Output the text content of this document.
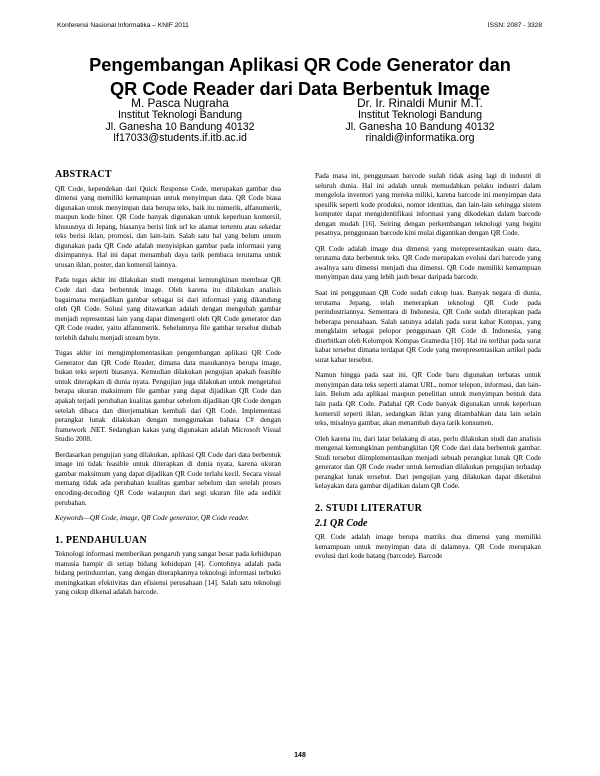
Konferensi Nasional Informatika – KNIF 2011	ISSN: 2087 - 3328
Pengembangan Aplikasi QR Code Generator dan
QR Code Reader dari Data Berbentuk Image
M. Pasca Nugraha
Institut Teknologi Bandung
Jl. Ganesha 10 Bandung 40132
If17033@students.if.itb.ac.id
Dr. Ir. Rinaldi Munir M.T.
Institut Teknologi Bandung
Jl. Ganesha 10 Bandung 40132
rinaldi@informatika.org
ABSTRACT

QR Code, kependekan dari Quick Response Code, merupakan gambar dua dimensi yang memiliki kemampuan untuk menyimpan data. QR Code biasa digunakan untuk menyimpan data berupa teks, baik itu numerik, alfanumerik, maupun kode biner. QR Code banyak digunakan untuk keperluan komersil, khususnya di Jepang, biasanya berisi link url ke alamat tertentu atau sekedar teks berisi iklan, promosi, dan lain-lain. Salah satu hal yang belum umum digunakan pada QR Code adalah menyisipkan gambar pada informasi yang disimpannya. Hal ini dapat menambah daya tarik pembaca terutama untuk urusan iklan, poster, dan komersil lainnya.

Pada tugas akhir ini dilakukan studi mengenai kemungkinan membuat QR Code dari data berbentuk image. Oleh karena itu dilakukan analisis bagaimana menjadikan gambar sebagai isi dari informasi yang dikandung oleh QR Code. Solusi yang ditawarkan adalah dengan mengubah gambar menjadi representasi lain yang dapat dimengerti oleh QR Code generator dan QR Code reader, yaitu alfanumerik. Sebelumnya file gambar tersebut diubah terlebih dahulu menjadi stream byte.

Tugas akhir ini mengimplementasikan pengembangan aplikasi QR Code Generator dan QR Code Reader, dimana data masukannya berupa image, bukan teks seperti biasanya. Kemudian dilakukan pengujian apakah feasible untuk diterapkan di dunia nyata. Pengujian juga dilakukan untuk mengetahui berapa ukuran maksimum file gambar yang dapat dijadikan QR Code dan apakah terjadi perubahan kualitas gambar sebelum dijadikan QR Code dengan setelah dibaca dan diterjemahkan kembali dari QR Code. Implementasi perangkat lunak dilakukan dengan menggunakan bahasa C# dengan framework .NET. Sedangkan kakas yang digunakan adalah Microsoft Visual Studio 2008.

Berdasarkan pengujian yang dilakukan, aplikasi QR Code dari data berbentuk image ini tidak feasible untuk diterapkan di dunia nyata, karena ukuran gambar maksimum yang dapat dijadikan QR Code terlalu kecil. Secara visual memang tidak ada perubahan kualitas gambar sebelum dan setelah proses encoding-decoding QR Code walaupun dari segi ukuran file ada sedikit perubahan.

Keywords—QR Code, image, QR Code generator, QR Code reader.

1. PENDAHULUAN

Teknologi informasi memberikan pengaruh yang sangat besar pada kehidupan manusia hampir di setiap bidang kehidupan [4]. Contohnya adalah pada bidang perindustrian, yang dengan diterapkannya teknologi informasi terbukti meningkatkan efektivitas dan efisiensi perusahaan [14]. Salah satu teknologi yang cukup dikenal adalah barcode.

Pada masa ini, penggunaan barcode sudah tidak asing lagi di industri di seluruh dunia. Hal ini adalah untuk memudahkan pelaku industri dalam mengelola inventori yang mereka miliki, karena barcode ini menyimpan data spesifik seperti kode produksi, nomor identitas, dan lain-lain sehingga sistem komputer dapat mengidentifikasi informasi yang dikodekan dalam barcode dengan mudah [16]. Seiring dengan perkembangan teknologi yang begitu pesatnya, penggunaan barcode kini mulai digantikan dengan QR Code.

QR Code adalah image dua dimensi yang merepresentasikan suatu data, terutama data berbentuk teks. QR Code merupakan evolusi dari barcode yang awalnya satu dimensi menjadi dua dimensi. QR Code memiliki kemampuan menyimpan data yang lebih jauh besar daripada barcode.

Saat ini penggunaan QR Code sudah cukup luas. Banyak negara di dunia, terutama Jepang, telah menerapkan teknologi QR Code pada perindustriannya. Sementara di Indonesia, QR Code sudah diterapkan pada beberapa perusahaan. Salah satunya adalah pada surat kabar Kompas, yang mengklaim sebagai pelopor penggunaan QR Code di Indonesia, yang diterbitkan oleh Kelompok Kompas Gramedia [10]. Hal ini terlihat pada surat kabar tersebut dimana terdapat QR Code yang merepresentasikan artikel pada surat kabar tersebut.

Namun hingga pada saat ini, QR Code baru digunakan terbatas untuk menyimpan data teks seperti alamat URL, nomor telepon, informasi, dan lain-lain. Belum ada aplikasi maupun penelitian untuk menyimpan bentuk data lain pada QR Code. Padahal QR Code banyak digunakan untuk keperluan komersil seperti iklan, sedangkan iklan yang ditambahkan data lain selain teks, misalnya gambar, akan menambah daya tarik konsumen.

Oleh karena itu, dari latar belakang di atas, perlu dilakukan studi dan analisis mengenai kemungkinan pembangkitan QR Code dari data berbentuk gambar. Studi tersebut diimplementasikan menjadi sebuah perangkat lunak QR Code generator dan QR Code reader untuk kemudian dilakukan pengujian terhadap perangkat lunak tersebut. Dari pengujian yang dilakukan dapat diketahui kelayakan data gambar dijadikan dalam QR Code.

2. STUDI LITERATUR
2.1 QR Code

QR Code adalah image berupa matriks dua dimensi yang memiliki kemampuan untuk menyimpan data di dalamnya. QR Code merupakan evolusi dari kode batang (barcode). Barcode

148
